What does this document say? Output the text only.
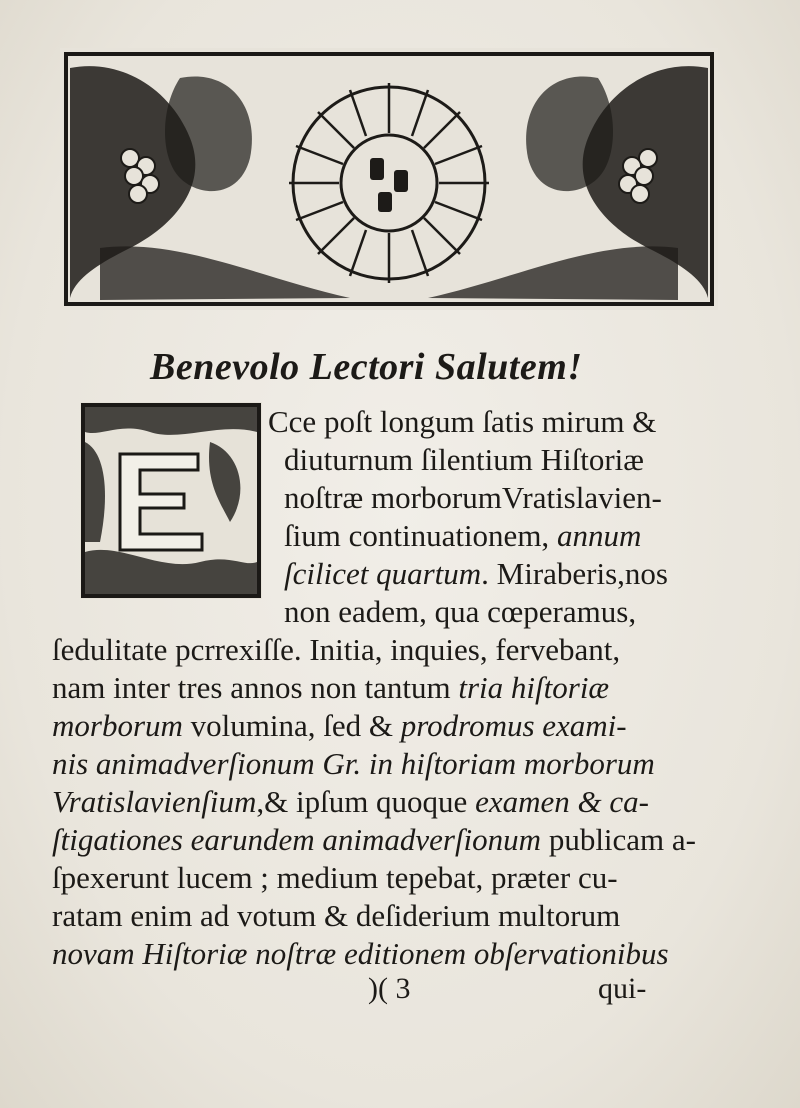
Benevolo Lectori Salutem!
Cce poſt longum ſatis mirum &
diuturnum ſilentium Hiſtoriæ
noſtræ morborumVratislavien-
ſium continuationem, annum
ſcilicet quartum. Miraberis,nos
non eadem, qua cœperamus,
ſedulitate pcrrexiſſe. Initia, inquies, fervebant,
nam inter tres annos non tantum tria hiſtoriæ
morborum volumina, ſed & prodromus exami-
nis animadverſionum Gr. in hiſtoriam morborum
Vratislavienſium,& ipſum quoque examen & ca-
ſtigationes earundem animadverſionum publicam a-
ſpexerunt lucem ; medium tepebat, præter cu-
ratam enim ad votum & deſiderium multorum
novam Hiſtoriæ noſtræ editionem obſervationibus
)( 3	qui-
